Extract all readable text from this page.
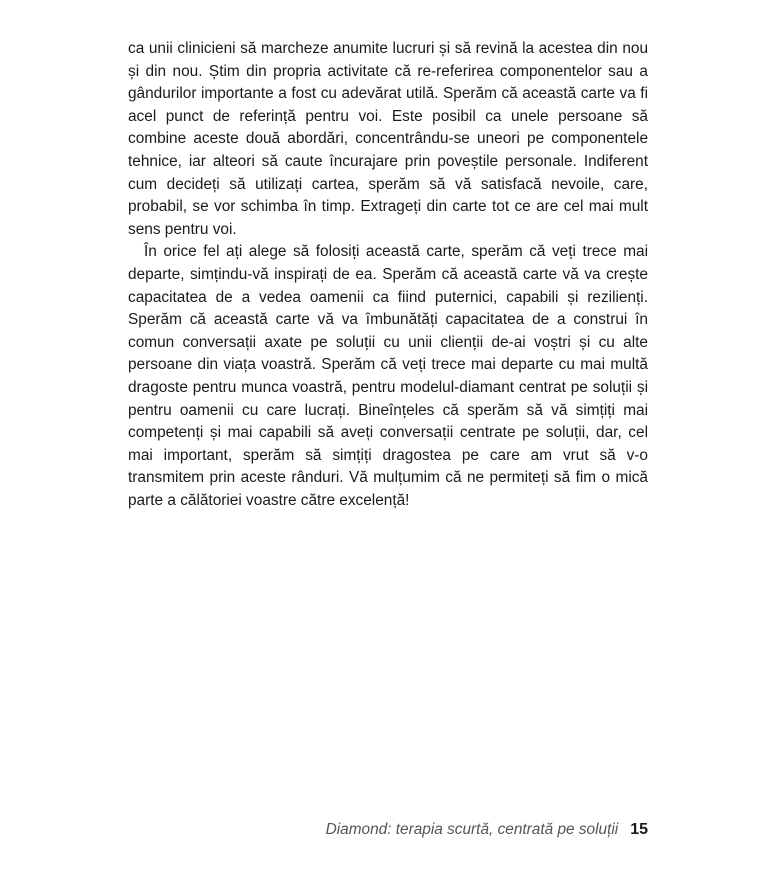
ca unii clinicieni să marcheze anumite lucruri și să revină la acestea din nou și din nou. Știm din propria activitate că re-referirea componentelor sau a gândurilor importante a fost cu adevărat utilă. Sperăm că această carte va fi acel punct de referință pentru voi. Este posibil ca unele persoane să combine aceste două abordări, concentrându-se uneori pe componentele tehnice, iar alteori să caute încurajare prin poveștile personale. Indiferent cum decideți să utilizați cartea, sperăm să vă satisfacă nevoile, care, probabil, se vor schimba în timp. Extrageți din carte tot ce are cel mai mult sens pentru voi.

În orice fel ați alege să folosiți această carte, sperăm că veți trece mai departe, simțindu-vă inspirați de ea. Sperăm că această carte vă va crește capacitatea de a vedea oamenii ca fiind puternici, capabili și rezilienți. Sperăm că această carte vă va îmbunătăți capacitatea de a construi în comun conversații axate pe soluții cu unii clienții de-ai voștri și cu alte persoane din viața voastră. Sperăm că veți trece mai departe cu mai multă dragoste pentru munca voastră, pentru modelul-diamant centrat pe soluții și pentru oamenii cu care lucrați. Bineînțeles că sperăm să vă simțiți mai competenți și mai capabili să aveți conversații centrate pe soluții, dar, cel mai important, sperăm să simțiți dragostea pe care am vrut să v-o transmitem prin aceste rânduri. Vă mulțumim că ne permiteți să fim o mică parte a călătoriei voastre către excelență!

Diamond: terapia scurtă, centrată pe soluții 15
